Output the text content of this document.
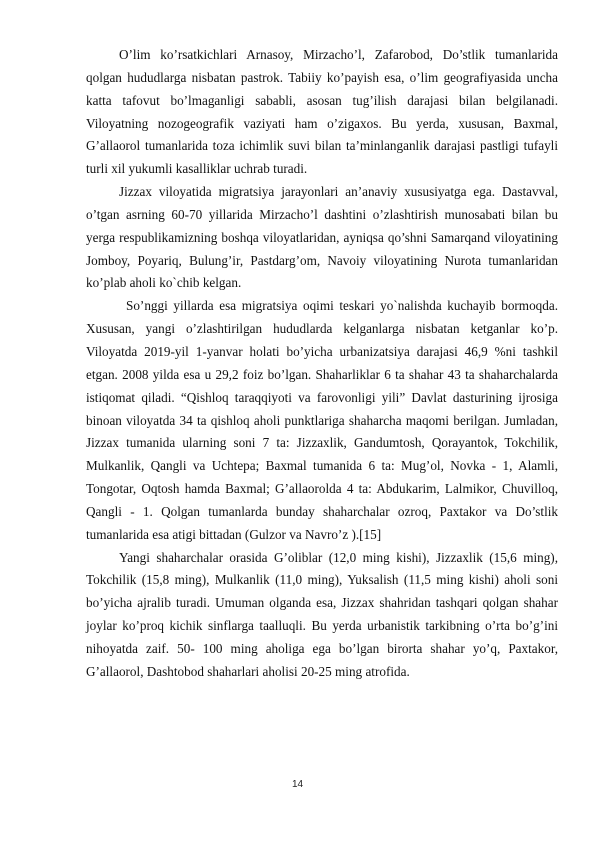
O’lim ko’rsatkichlari Arnasoy, Mirzacho’l, Zafarobod, Do’stlik tumanlarida qolgan hududlarga nisbatan pastrok. Tabiiy ko’payish esa, o’lim geografiyasida uncha katta tafovut bo’lmaganligi sababli, asosan tug’ilish darajasi bilan belgilanadi. Viloyatning nozogeografik vaziyati ham o’zigaxos. Bu yerda, xususan, Baxmal, G’allaorol tumanlarida toza ichimlik suvi bilan ta’minlanganlik darajasi pastligi tufayli turli xil yukumli kasalliklar uchrab turadi.

Jizzax viloyatida migratsiya jarayonlari an’anaviy xususiyatga ega. Dastavval, o’tgan asrning 60-70 yillarida Mirzacho’l dashtini o’zlashtirish munosabati bilan bu yerga respublikamizning boshqa viloyatlaridan, ayniqsa qo’shni Samarqand viloyatining Jomboy, Poyariq, Bulung’ir, Pastdarg’om, Navoiy viloyatining Nurota tumanlaridan ko’plab aholi ko`chib kelgan.

So’nggi yillarda esa migratsiya oqimi teskari yo`nalishda kuchayib bormoqda. Xususan, yangi o’zlashtirilgan hududlarda kelganlarga nisbatan ketganlar ko’p. Viloyatda 2019-yil 1-yanvar holati bo’yicha urbanizatsiya darajasi 46,9 %ni tashkil etgan. 2008 yilda esa u 29,2 foiz bo’lgan. Shaharliklar 6 ta shahar 43 ta shaharchalarda istiqomat qiladi. “Qishloq taraqqiyoti va farovonligi yili” Davlat dasturining ijrosiga binoan viloyatda 34 ta qishloq aholi punktlariga shaharcha maqomi berilgan. Jumladan, Jizzax tumanida ularning soni 7 ta: Jizzaxlik, Gandumtosh, Qorayantok, Tokchilik, Mulkanlik, Qangli va Uchtepa; Baxmal tumanida 6 ta: Mug’ol, Novka - 1, Alamli, Tongotar, Oqtosh hamda Baxmal; G’allaorolda 4 ta: Abdukarim, Lalmikor, Chuvilloq, Qangli - 1. Qolgan tumanlarda bunday shaharchalar ozroq, Paxtakor va Do’stlik tumanlarida esa atigi bittadan (Gulzor va Navro’z ).[15]

Yangi shaharchalar orasida G’oliblar (12,0 ming kishi), Jizzaxlik (15,6 ming), Tokchilik (15,8 ming), Mulkanlik (11,0 ming), Yuksalish (11,5 ming kishi) aholi soni bo’yicha ajralib turadi. Umuman olganda esa, Jizzax shahridan tashqari qolgan shahar joylar ko’proq kichik sinflarga taalluqli. Bu yerda urbanistik tarkibning o’rta bo’g’ini nihoyatda zaif. 50- 100 ming aholiga ega bo’lgan birorta shahar yo’q, Paxtakor, G’allaorol, Dashtobod shaharlari aholisi 20-25 ming atrofida.

14
